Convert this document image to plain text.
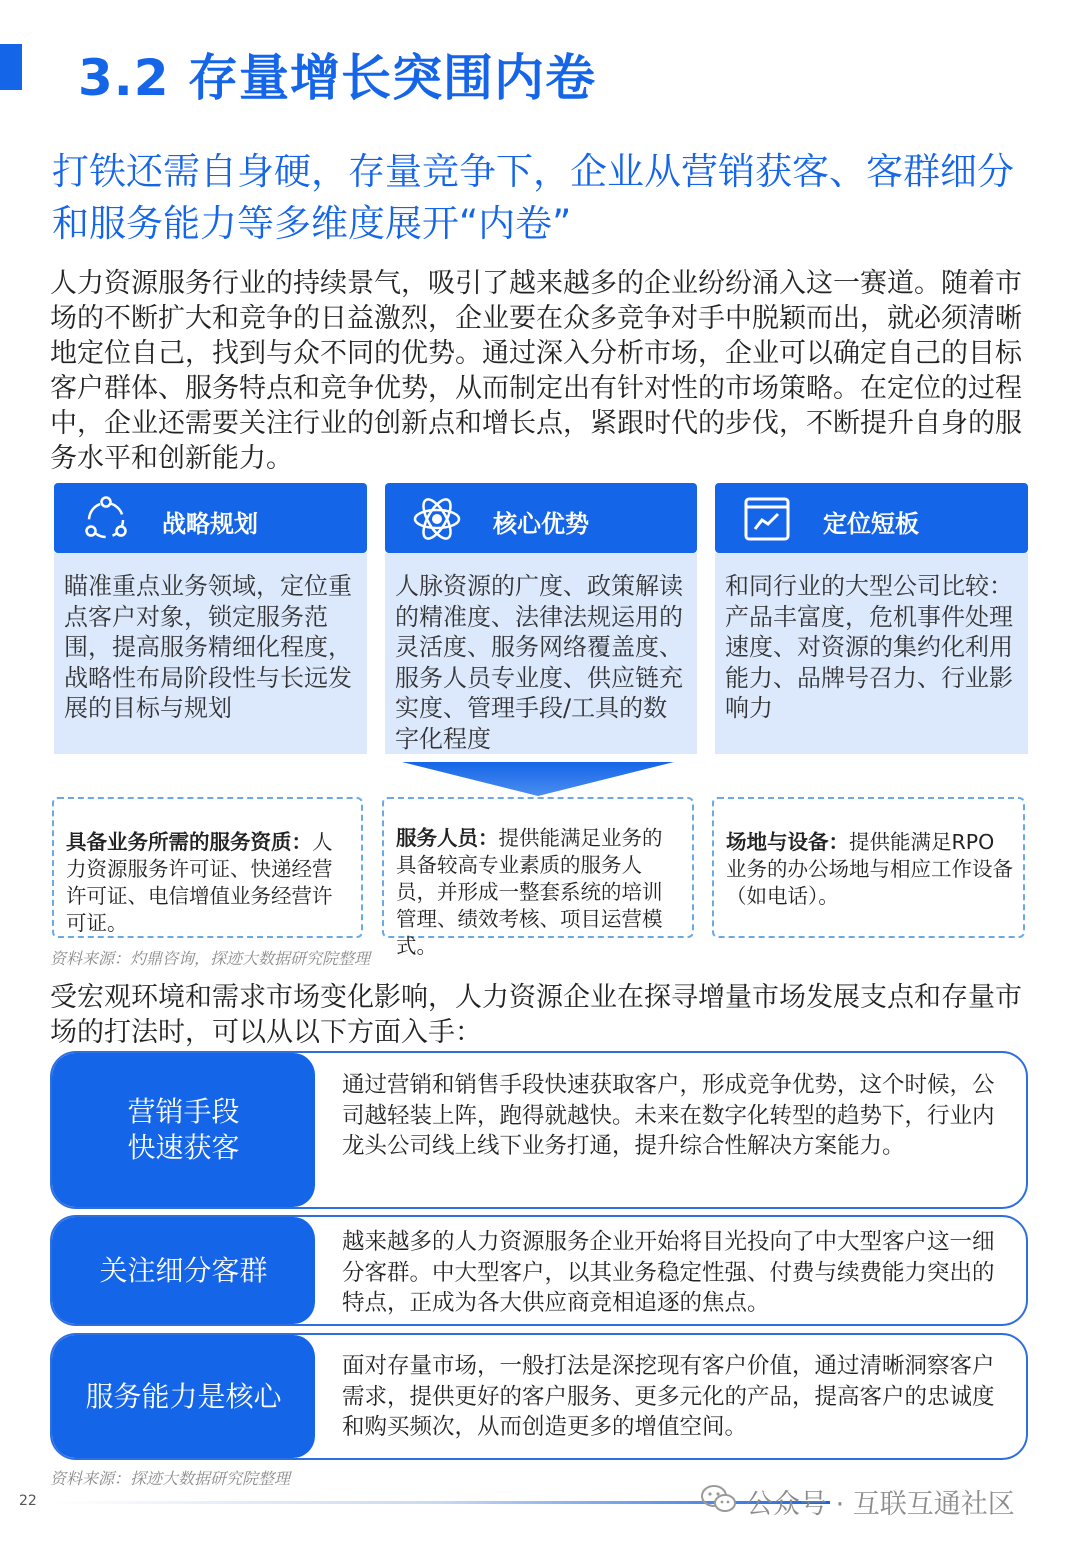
3.2 存量增长突围内卷
打铁还需自身硬，存量竞争下，企业从营销获客、客群细分和服务能力等多维度展开“内卷”
人力资源服务行业的持续景气，吸引了越来越多的企业纷纷涌入这一赛道。随着市场的不断扩大和竞争的日益激烈，企业要在众多竞争对手中脱颖而出，就必须清晰地定位自己，找到与众不同的优势。通过深入分析市场，企业可以确定自己的目标客户群体、服务特点和竞争优势，从而制定出有针对性的市场策略。在定位的过程中，企业还需要关注行业的创新点和增长点，紧跟时代的步伐，不断提升自身的服务水平和创新能力。
战略规划
瞄准重点业务领域，定位重点客户对象，锁定服务范围，提高服务精细化程度，战略性布局阶段性与长远发展的目标与规划
核心优势
人脉资源的广度、政策解读的精准度、法律法规运用的灵活度、服务网络覆盖度、服务人员专业度、供应链充实度、管理手段/工具的数字化程度
定位短板
和同行业的大型公司比较：产品丰富度，危机事件处理速度、对资源的集约化利用能力、品牌号召力、行业影响力
具备业务所需的服务资质：人力资源服务许可证、快递经营许可证、电信增值业务经营许可证。
服务人员：提供能满足业务的具备较高专业素质的服务人员，并形成一整套系统的培训管理、绩效考核、项目运营模式。
场地与设备：提供能满足RPO业务的办公场地与相应工作设备（如电话）。
资料来源：灼鼎咨询，探迹大数据研究院整理
受宏观环境和需求市场变化影响，人力资源企业在探寻增量市场发展支点和存量市场的打法时，可以从以下方面入手：
营销手段
快速获客
通过营销和销售手段快速获取客户，形成竞争优势，这个时候，公司越轻装上阵，跑得就越快。未来在数字化转型的趋势下，行业内龙头公司线上线下业务打通，提升综合性解决方案能力。
关注细分客群
越来越多的人力资源服务企业开始将目光投向了中大型客户这一细分客群。中大型客户，以其业务稳定性强、付费与续费能力突出的特点，正成为各大供应商竞相追逐的焦点。
服务能力是核心
面对存量市场，一般打法是深挖现有客户价值，通过清晰洞察客户需求，提供更好的客户服务、更多元化的产品，提高客户的忠诚度和购买频次，从而创造更多的增值空间。
资料来源：探迹大数据研究院整理
22	公众号 · 互联互通社区
